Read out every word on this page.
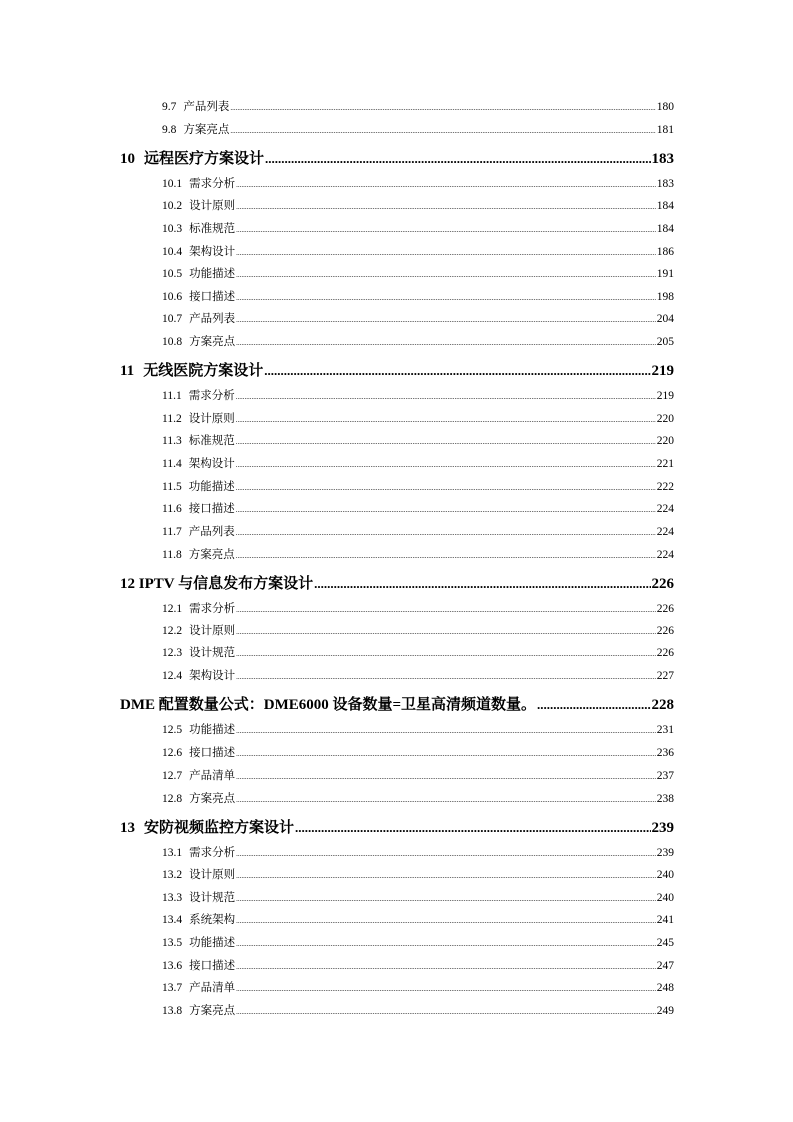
9.7 产品列表 .....	180
9.8 方案亮点 .....	181
10 远程医疗方案设计 .....	183
10.1 需求分析 .....	183
10.2 设计原则 .....	184
10.3 标准规范 .....	184
10.4 架构设计 .....	186
10.5 功能描述 .....	191
10.6 接口描述 .....	198
10.7 产品列表 .....	204
10.8 方案亮点 .....	205
11 无线医院方案设计 .....	219
11.1 需求分析 .....	219
11.2 设计原则 .....	220
11.3 标准规范 .....	220
11.4 架构设计 .....	221
11.5 功能描述 .....	222
11.6 接口描述 .....	224
11.7 产品列表 .....	224
11.8 方案亮点 .....	224
12 IPTV 与信息发布方案设计 .....	226
12.1 需求分析 .....	226
12.2 设计原则 .....	226
12.3 设计规范 .....	226
12.4 架构设计 .....	227
DME 配置数量公式：DME6000 设备数量=卫星高清频道数量。 .....	228
12.5 功能描述 .....	231
12.6 接口描述 .....	236
12.7 产品清单 .....	237
12.8 方案亮点 .....	238
13 安防视频监控方案设计 .....	239
13.1 需求分析 .....	239
13.2 设计原则 .....	240
13.3 设计规范 .....	240
13.4 系统架构 .....	241
13.5 功能描述 .....	245
13.6 接口描述 .....	247
13.7 产品清单 .....	248
13.8 方案亮点 .....	249
